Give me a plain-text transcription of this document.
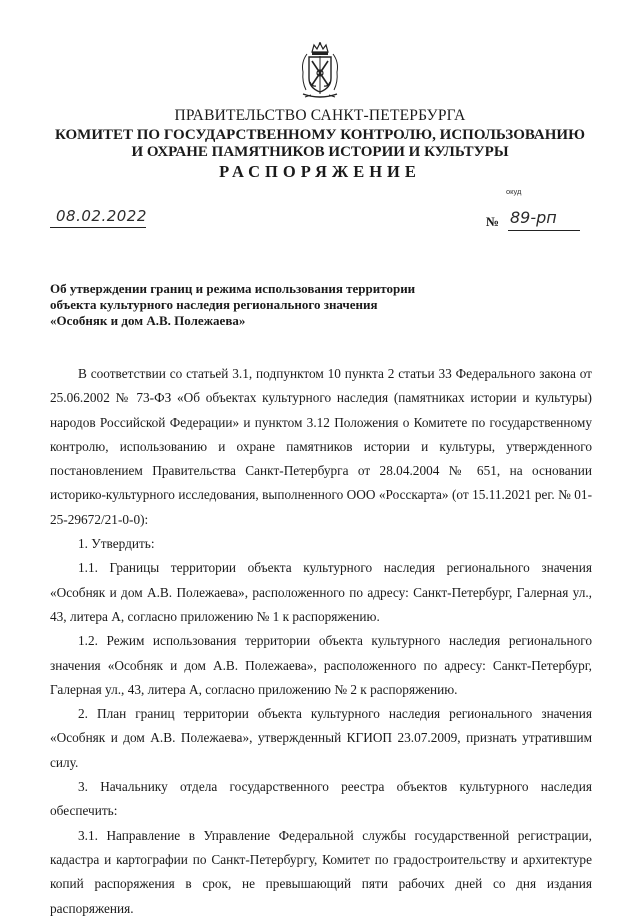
ПРАВИТЕЛЬСТВО САНКТ-ПЕТЕРБУРГА
КОМИТЕТ ПО ГОСУДАРСТВЕННОМУ КОНТРОЛЮ, ИСПОЛЬЗОВАНИЮ
И ОХРАНЕ ПАМЯТНИКОВ ИСТОРИИ И КУЛЬТУРЫ
РАСПОРЯЖЕНИЕ
окуд
08.02.2022	№ 89-рп
Об утверждении границ и режима использования территории
объекта культурного наследия регионального значения
«Особняк и дом А.В. Полежаева»

В соответствии со статьей 3.1, подпунктом 10 пункта 2 статьи 33 Федерального закона от 25.06.2002 № 73-ФЗ «Об объектах культурного наследия (памятниках истории и культуры) народов Российской Федерации» и пунктом 3.12 Положения о Комитете по государственному контролю, использованию и охране памятников истории и культуры, утвержденного постановлением Правительства Санкт-Петербурга от 28.04.2004 № 651, на основании историко-культурного исследования, выполненного ООО «Росскарта» (от 15.11.2021 рег. № 01-25-29672/21-0-0):

1. Утвердить:

1.1. Границы территории объекта культурного наследия регионального значения «Особняк и дом А.В. Полежаева», расположенного по адресу: Санкт-Петербург, Галерная ул., 43, литера А, согласно приложению № 1 к распоряжению.

1.2. Режим использования территории объекта культурного наследия регионального значения «Особняк и дом А.В. Полежаева», расположенного по адресу: Санкт-Петербург, Галерная ул., 43, литера А, согласно приложению № 2 к распоряжению.

2. План границ территории объекта культурного наследия регионального значения «Особняк и дом А.В. Полежаева», утвержденный КГИОП 23.07.2009, признать утратившим силу.

3. Начальнику отдела государственного реестра объектов культурного наследия обеспечить:

3.1. Направление в Управление Федеральной службы государственной регистрации, кадастра и картографии по Санкт-Петербургу, Комитет по градостроительству и архитектуре копий распоряжения в срок, не превышающий пяти рабочих дней со дня издания распоряжения.
